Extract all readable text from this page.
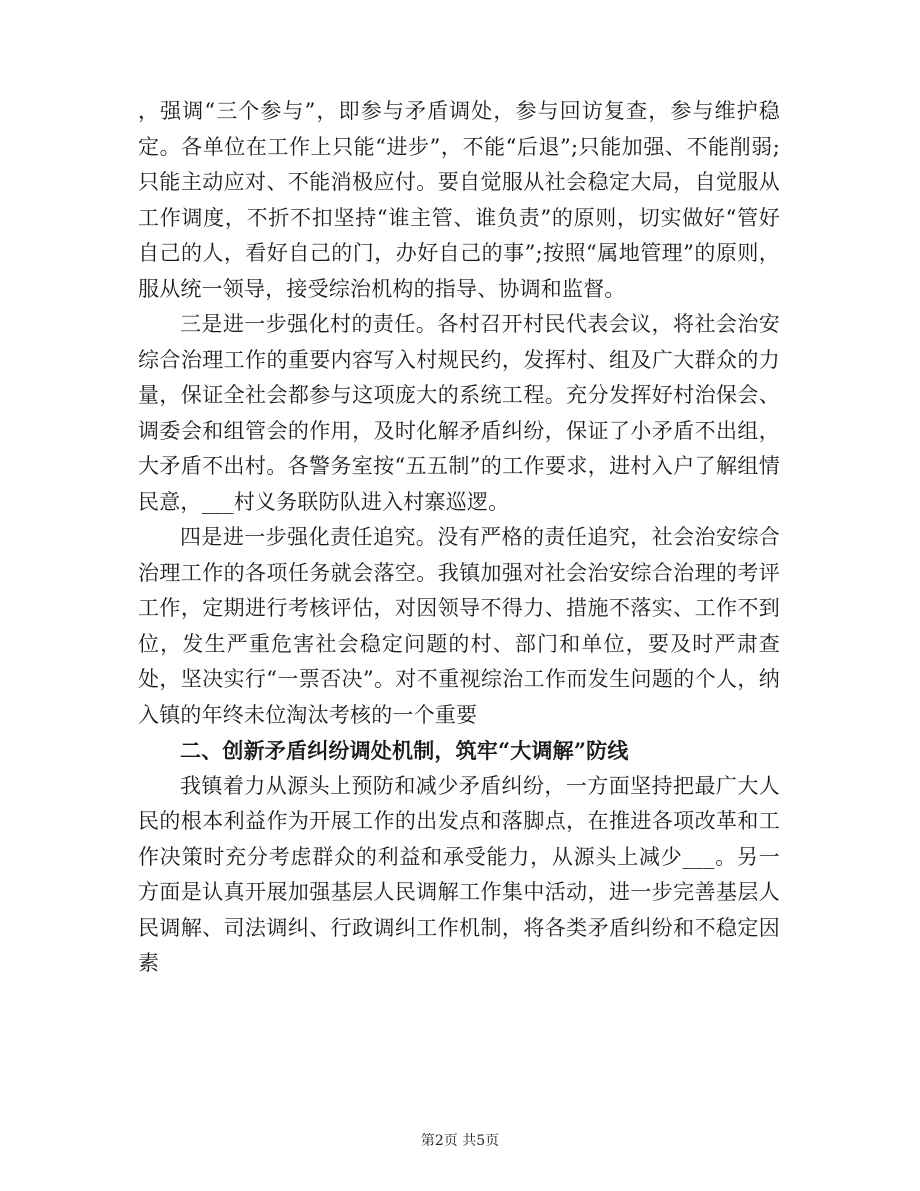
，强调“三个参与”，即参与矛盾调处，参与回访复查，参与维护稳定。各单位在工作上只能“进步”，不能“后退”;只能加强、不能削弱;只能主动应对、不能消极应付。要自觉服从社会稳定大局，自觉服从工作调度，不折不扣坚持“谁主管、谁负责”的原则，切实做好“管好自己的人，看好自己的门，办好自己的事”;按照“属地管理”的原则，服从统一领导，接受综治机构的指导、协调和监督。

三是进一步强化村的责任。各村召开村民代表会议，将社会治安综合治理工作的重要内容写入村规民约，发挥村、组及广大群众的力量，保证全社会都参与这项庞大的系统工程。充分发挥好村治保会、调委会和组管会的作用，及时化解矛盾纠纷，保证了小矛盾不出组，大矛盾不出村。各警务室按“五五制”的工作要求，进村入户了解组情民意，___村义务联防队进入村寨巡逻。

四是进一步强化责任追究。没有严格的责任追究，社会治安综合治理工作的各项任务就会落空。我镇加强对社会治安综合治理的考评工作，定期进行考核评估，对因领导不得力、措施不落实、工作不到位，发生严重危害社会稳定问题的村、部门和单位，要及时严肃查处，坚决实行“一票否决”。对不重视综治工作而发生问题的个人，纳入镇的年终未位淘汰考核的一个重要

二、创新矛盾纠纷调处机制，筑牢“大调解”防线

我镇着力从源头上预防和减少矛盾纠纷，一方面坚持把最广大人民的根本利益作为开展工作的出发点和落脚点，在推进各项改革和工作决策时充分考虑群众的利益和承受能力，从源头上减少___。另一方面是认真开展加强基层人民调解工作集中活动，进一步完善基层人民调解、司法调纠、行政调纠工作机制，将各类矛盾纠纷和不稳定因素

第2页 共5页
